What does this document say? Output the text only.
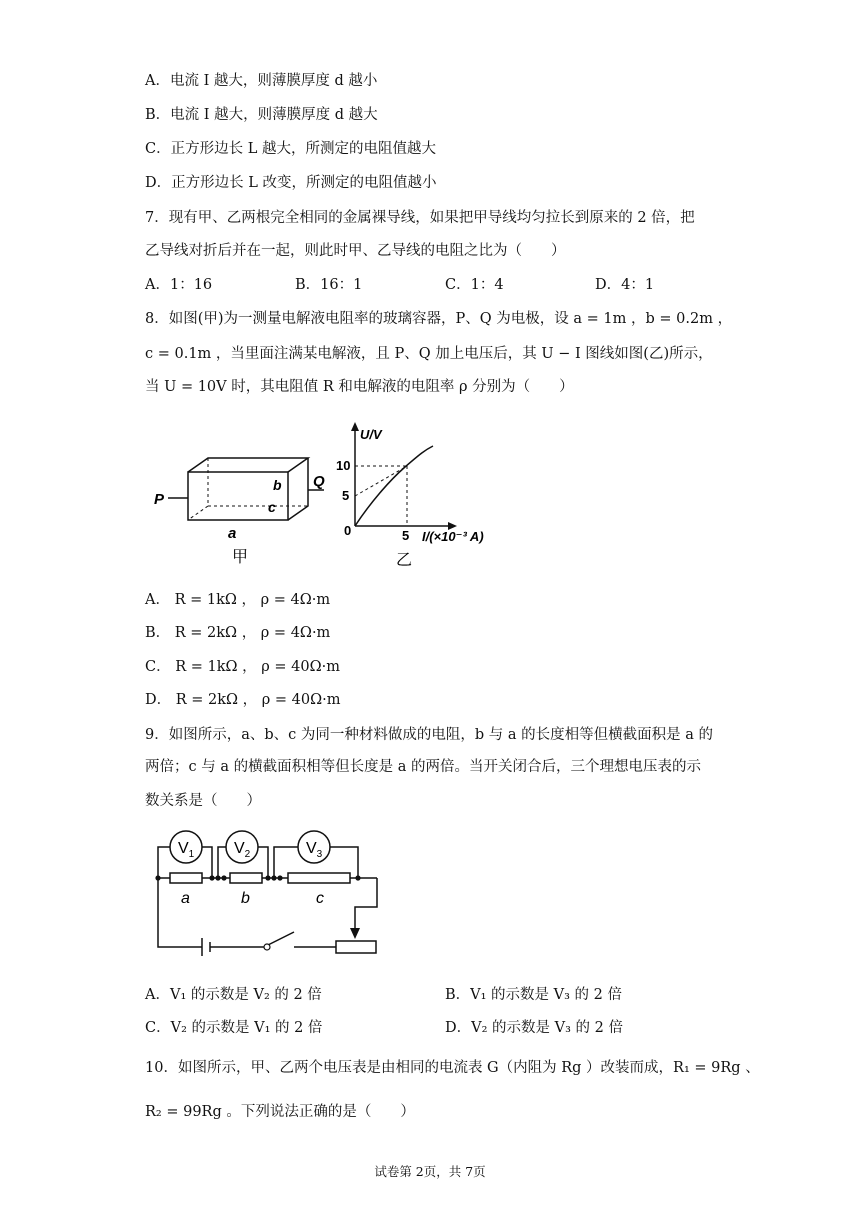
A．电流 I 越大，则薄膜厚度 d 越小
B．电流 I 越大，则薄膜厚度 d 越大
C．正方形边长 L 越大，所测定的电阻值越大
D．正方形边长 L 改变，所测定的电阻值越小
7．现有甲、乙两根完全相同的金属裸导线，如果把甲导线均匀拉长到原来的 2 倍，把
乙导线对折后并在一起，则此时甲、乙导线的电阻之比为（　　）
A．1：16	B．16：1	C．1：4	D．4：1
8．如图(甲)为一测量电解液电阻率的玻璃容器，P、Q 为电极，设 a = 1m ，b = 0.2m ，
c = 0.1m ，当里面注满某电解液，且 P、Q 加上电压后，其 U − I 图线如图(乙)所示，
当 U = 10V 时，其电阻值 R 和电解液的电阻率 ρ 分别为（　　）
P
Q
b
c
a
甲
U/V
10
5
0	5 I/(×10⁻³ A)
乙
A． R = 1kΩ ， ρ = 4Ω·m
B． R = 2kΩ ， ρ = 4Ω·m
C． R = 1kΩ ， ρ = 40Ω·m
D． R = 2kΩ ， ρ = 40Ω·m
9．如图所示，a、b、c 为同一种材料做成的电阻，b 与 a 的长度相等但横截面积是 a 的
两倍；c 与 a 的横截面积相等但长度是 a 的两倍。当开关闭合后，三个理想电压表的示
数关系是（　　）
$V_1$ $V_2$	$V_3$
a	b	c
A．V₁ 的示数是 V₂ 的 2 倍	B．V₁ 的示数是 V₃ 的 2 倍
C．V₂ 的示数是 V₁ 的 2 倍	D．V₂ 的示数是 V₃ 的 2 倍
10．如图所示，甲、乙两个电压表是由相同的电流表 G（内阻为 Rg ）改装而成，R₁ = 9Rg 、
R₂ = 99Rg 。下列说法正确的是（　　）
试卷第 2页，共 7页
